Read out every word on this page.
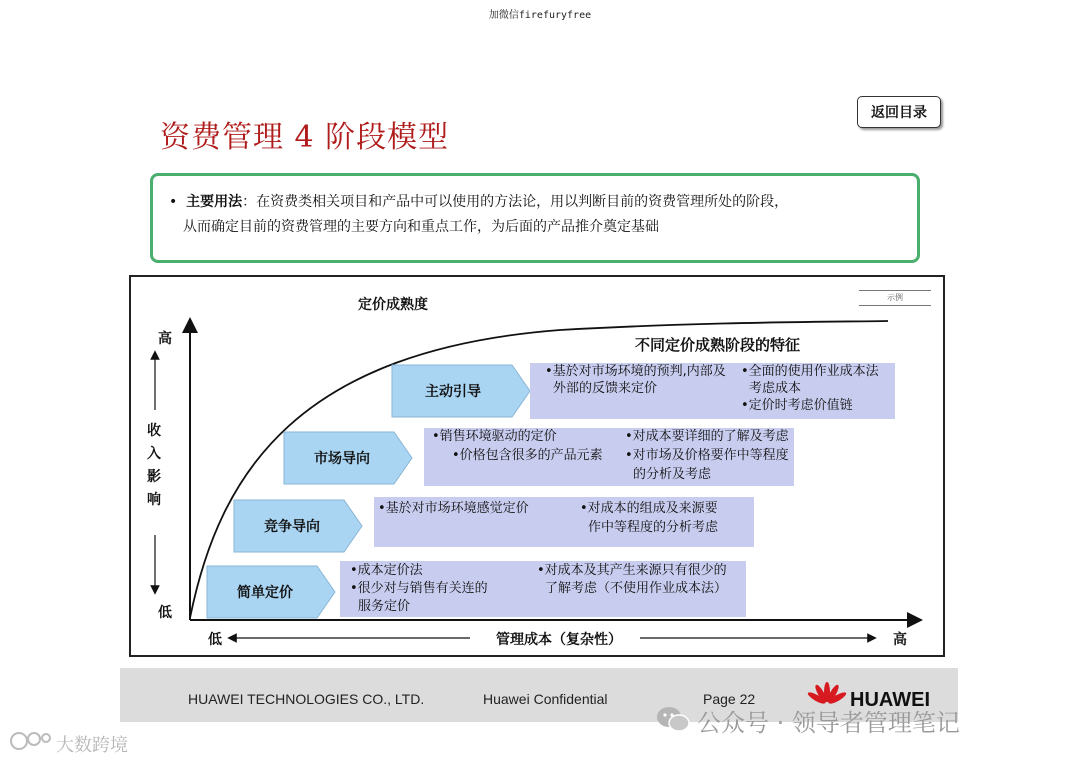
加微信firefuryfree
返回目录
资费管理 4 阶段模型
•  主要用法：在资费类相关项目和产品中可以使用的方法论，用以判断目前的资费管理所处的阶段，
从而确定目前的资费管理的主要方向和重点工作，为后面的产品推介奠定基础
示例
定价成熟度
不同定价成熟阶段的特征
高
收
入
影
响
低
低	管理成本（复杂性）	高
主动引导
•基於对市场环境的预判,内部及
外部的反馈来定价
•全面的使用作业成本法
考虑成本
•定价时考虑价值链
市场导向
•销售环境驱动的定价
•价格包含很多的产品元素
•对成本要详细的了解及考虑
•对市场及价格要作中等程度
的分析及考虑
竞争导向
•基於对市场环境感觉定价	•对成本的组成及来源要
作中等程度的分析考虑
简单定价
•成本定价法
•很少对与销售有关连的
服务定价
•对成本及其产生来源只有很少的
了解考虑（不使用作业成本法）
HUAWEI TECHNOLOGIES CO., LTD.	Huawei Confidential	Page 22	HUAWEI
公众号 · 领导者管理笔记
大数跨境
